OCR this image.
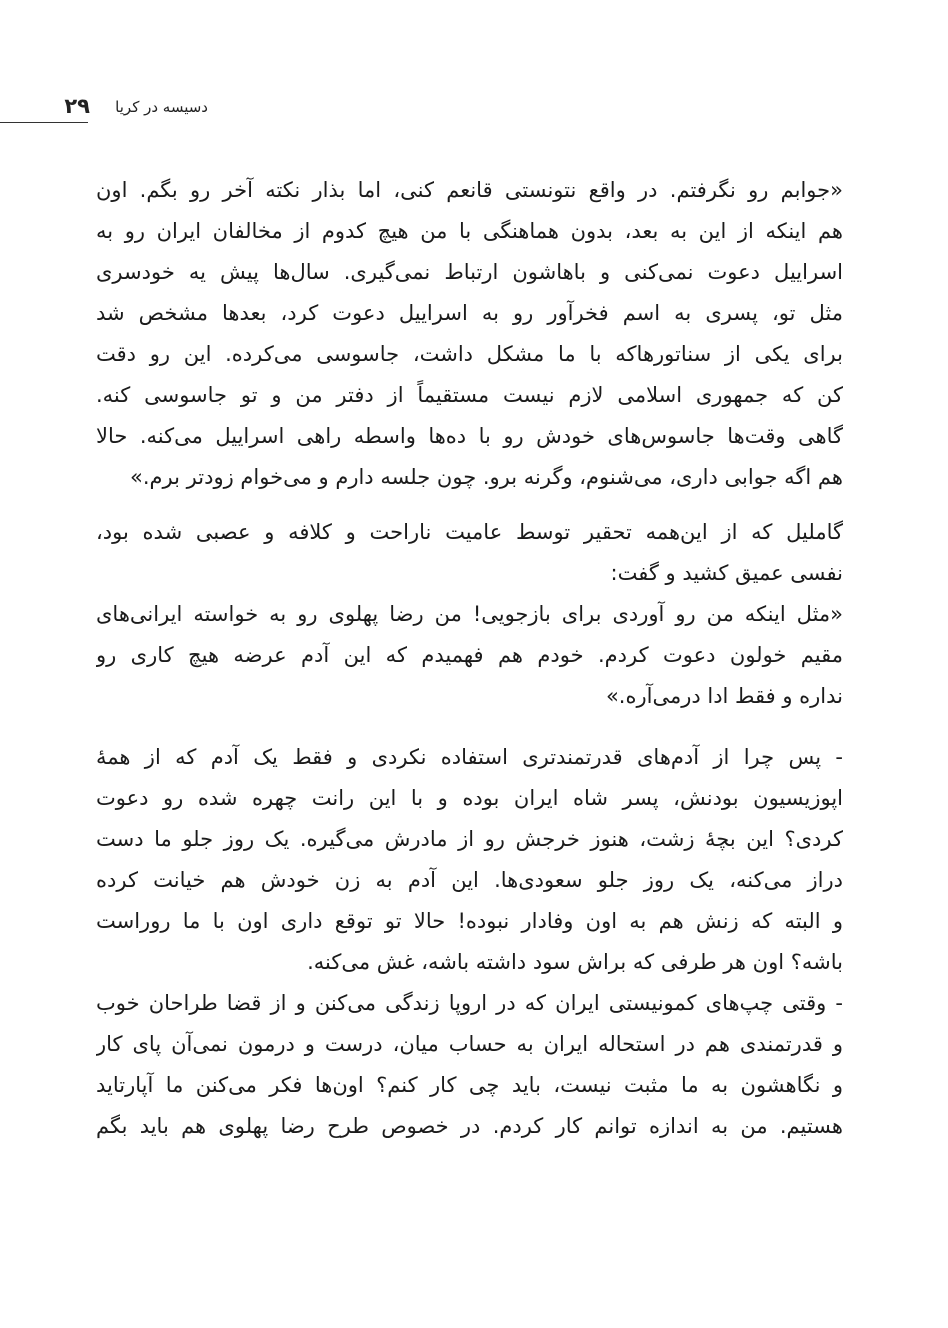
دسیسه در کریا
۲۹
«جوابم رو نگرفتم. در واقع نتونستی قانعم کنی، اما بذار نکته آخر رو بگم. اون
هم اینکه از این به بعد، بدون هماهنگی با من هیچ کدوم از مخالفان ایران رو به
اسراییل دعوت نمی‌کنی و باهاشون ارتباط نمی‌گیری. سال‌ها پیش یه خودسری
مثل تو، پسری به اسم فخرآور رو به اسراییل دعوت کرد، بعدها مشخص شد
برای یکی از سناتورهاکه با ما مشکل داشت، جاسوسی می‌کرده. این رو دقت
کن که جمهوری اسلامی لازم نیست مستقیماً از دفتر من و تو جاسوسی کنه.
گاهی وقت‌ها جاسوس‌های خودش رو با ده‌ها واسطه راهی اسراییل می‌کنه. حالا
هم اگه جوابی داری، می‌شنوم، وگرنه برو. چون جلسه دارم و می‌خوام زودتر برم.»
گاملیل که از این‌همه تحقیر توسط عامیت ناراحت و کلافه و عصبی شده بود،
نفسی عمیق کشید و گفت:
«مثل اینکه من رو آوردی برای بازجویی! من رضا پهلوی رو به خواسته ایرانی‌های
مقیم خولون دعوت کردم. خودم هم فهمیدم که این آدم عرضه هیچ کاری رو
نداره و فقط ادا درمی‌آره.»
- پس چرا از آدم‌های قدرتمندتری استفاده نکردی و فقط یک آدم که از همهٔ
اپوزیسیون بودنش، پسر شاه ایران بوده و با این رانت چهره شده رو دعوت
کردی؟ این بچهٔ زشت، هنوز خرجش رو از مادرش می‌گیره. یک روز جلو ما دست
دراز می‌کنه، یک روز جلو سعودی‌ها. این آدم به زن خودش هم خیانت کرده
و البته که زنش هم به اون وفادار نبوده! حالا تو توقع داری اون با ما روراست
باشه؟ اون هر طرفی که براش سود داشته باشه، غش می‌کنه.
- وقتی چپ‌های کمونیستی ایران که در اروپا زندگی می‌کنن و از قضا طراحان خوب
و قدرتمندی هم در استحاله ایران به حساب میان، درست و درمون نمی‌آن پای کار
و نگاهشون به ما مثبت نیست، باید چی کار کنم؟ اون‌ها فکر می‌کنن ما آپارتاید
هستیم. من به اندازه توانم کار کردم. در خصوص طرح رضا پهلوی هم باید بگم
